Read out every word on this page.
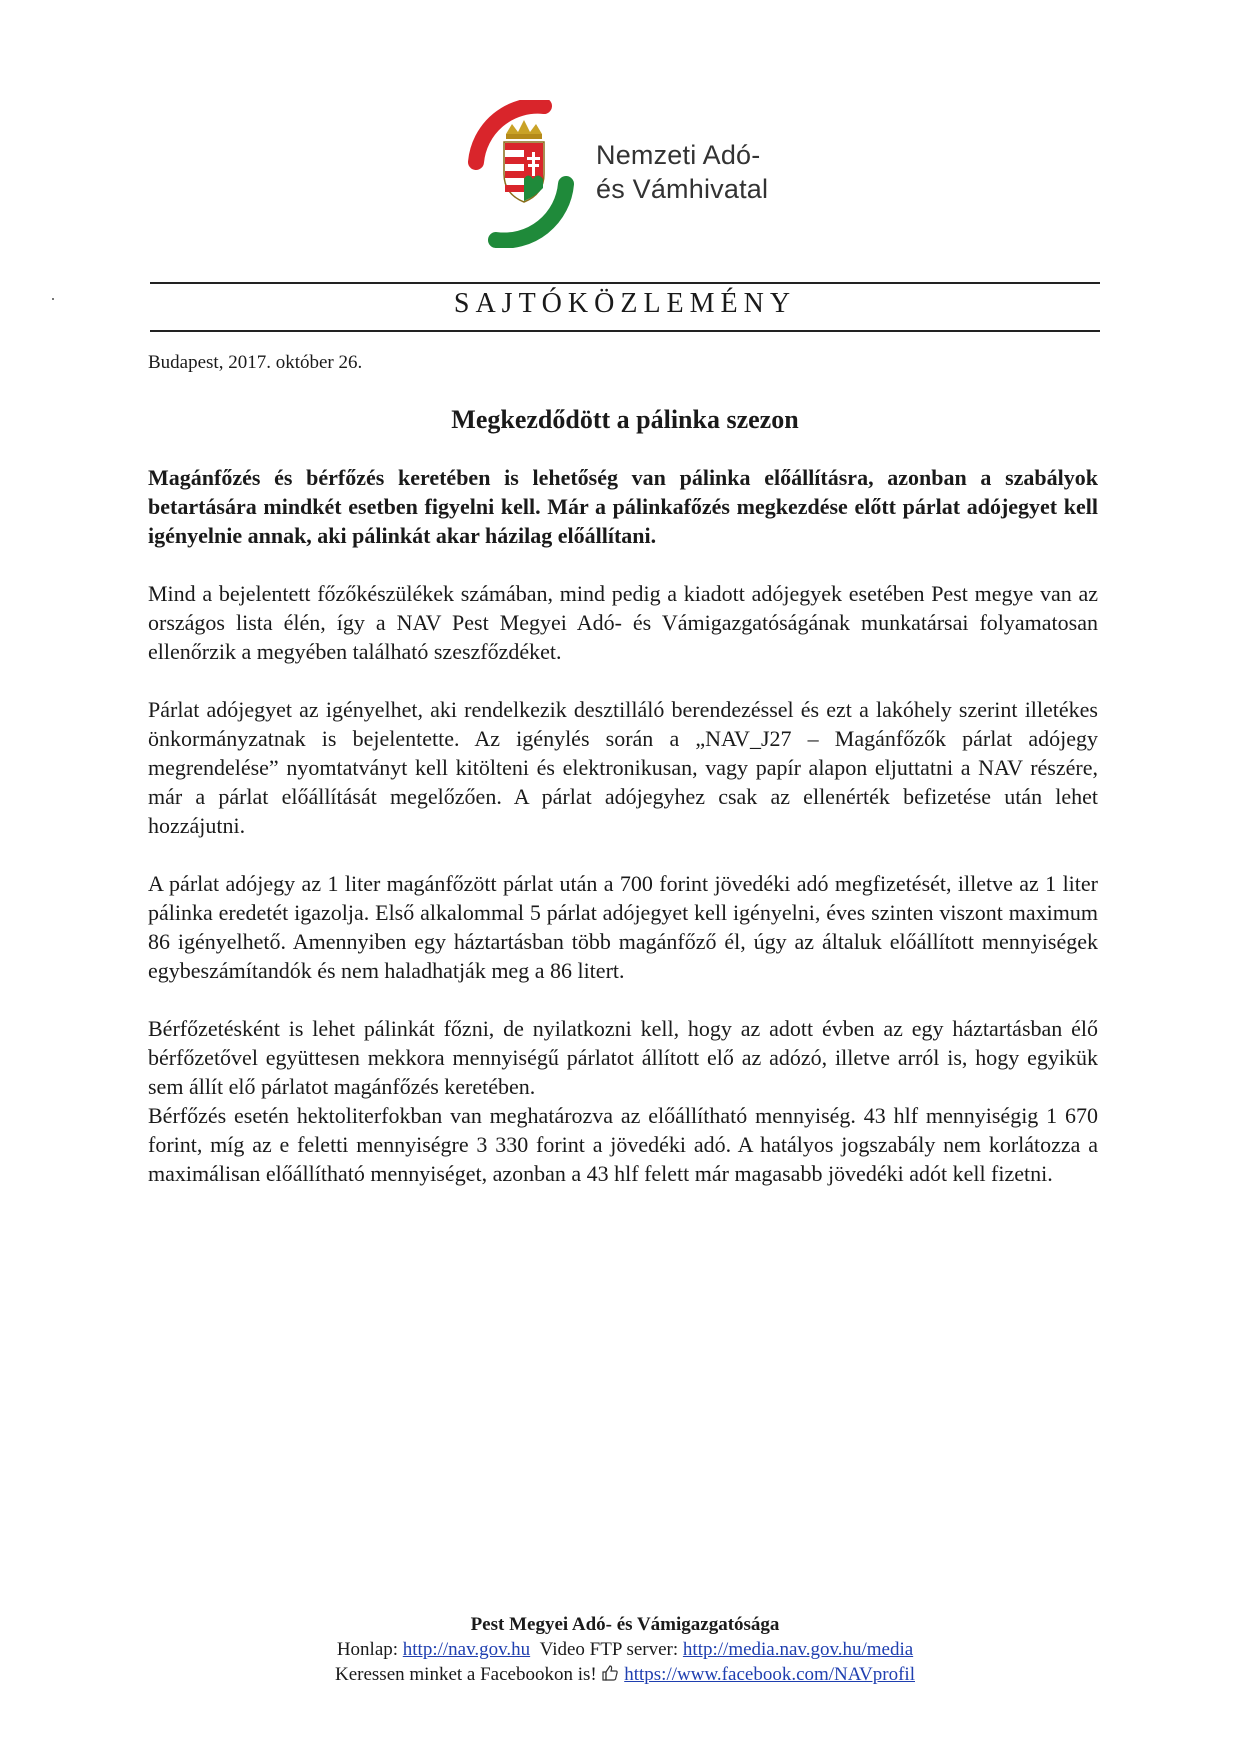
Nemzeti Adó-
és Vámhivatal
SAJTÓKÖZLEMÉNY
Budapest, 2017. október 26.
Megkezdődött a pálinka szezon

Magánfőzés és bérfőzés keretében is lehetőség van pálinka előállításra, azonban a szabályok betartására mindkét esetben figyelni kell. Már a pálinkafőzés megkezdése előtt párlat adójegyet kell igényelnie annak, aki pálinkát akar házilag előállítani.

Mind a bejelentett főzőkészülékek számában, mind pedig a kiadott adójegyek esetében Pest megye van az országos lista élén, így a NAV Pest Megyei Adó- és Vámigazgatóságának munkatársai folyamatosan ellenőrzik a megyében található szeszfőzdéket.

Párlat adójegyet az igényelhet, aki rendelkezik desztilláló berendezéssel és ezt a lakóhely szerint illetékes önkormányzatnak is bejelentette. Az igénylés során a „NAV_J27 – Magánfőzők párlat adójegy megrendelése” nyomtatványt kell kitölteni és elektronikusan, vagy papír alapon eljuttatni a NAV részére, már a párlat előállítását megelőzően. A párlat adójegyhez csak az ellenérték befizetése után lehet hozzájutni.

A párlat adójegy az 1 liter magánfőzött párlat után a 700 forint jövedéki adó megfizetését, illetve az 1 liter pálinka eredetét igazolja. Első alkalommal 5 párlat adójegyet kell igényelni, éves szinten viszont maximum 86 igényelhető. Amennyiben egy háztartásban több magánfőző él, úgy az általuk előállított mennyiségek egybeszámítandók és nem haladhatják meg a 86 litert.

Bérfőzetésként is lehet pálinkát főzni, de nyilatkozni kell, hogy az adott évben az egy háztartásban élő bérfőzetővel együttesen mekkora mennyiségű párlatot állított elő az adózó, illetve arról is, hogy egyikük sem állít elő párlatot magánfőzés keretében.

Bérfőzés esetén hektoliterfokban van meghatározva az előállítható mennyiség. 43 hlf mennyiségig 1 670 forint, míg az e feletti mennyiségre 3 330 forint a jövedéki adó. A hatályos jogszabály nem korlátozza a maximálisan előállítható mennyiséget, azonban a 43 hlf felett már magasabb jövedéki adót kell fizetni.

Pest Megyei Adó- és Vámigazgatósága
Honlap: http://nav.gov.hu Video FTP server: http://media.nav.gov.hu/media
Keressen minket a Facebookon is! https://www.facebook.com/NAVprofil
